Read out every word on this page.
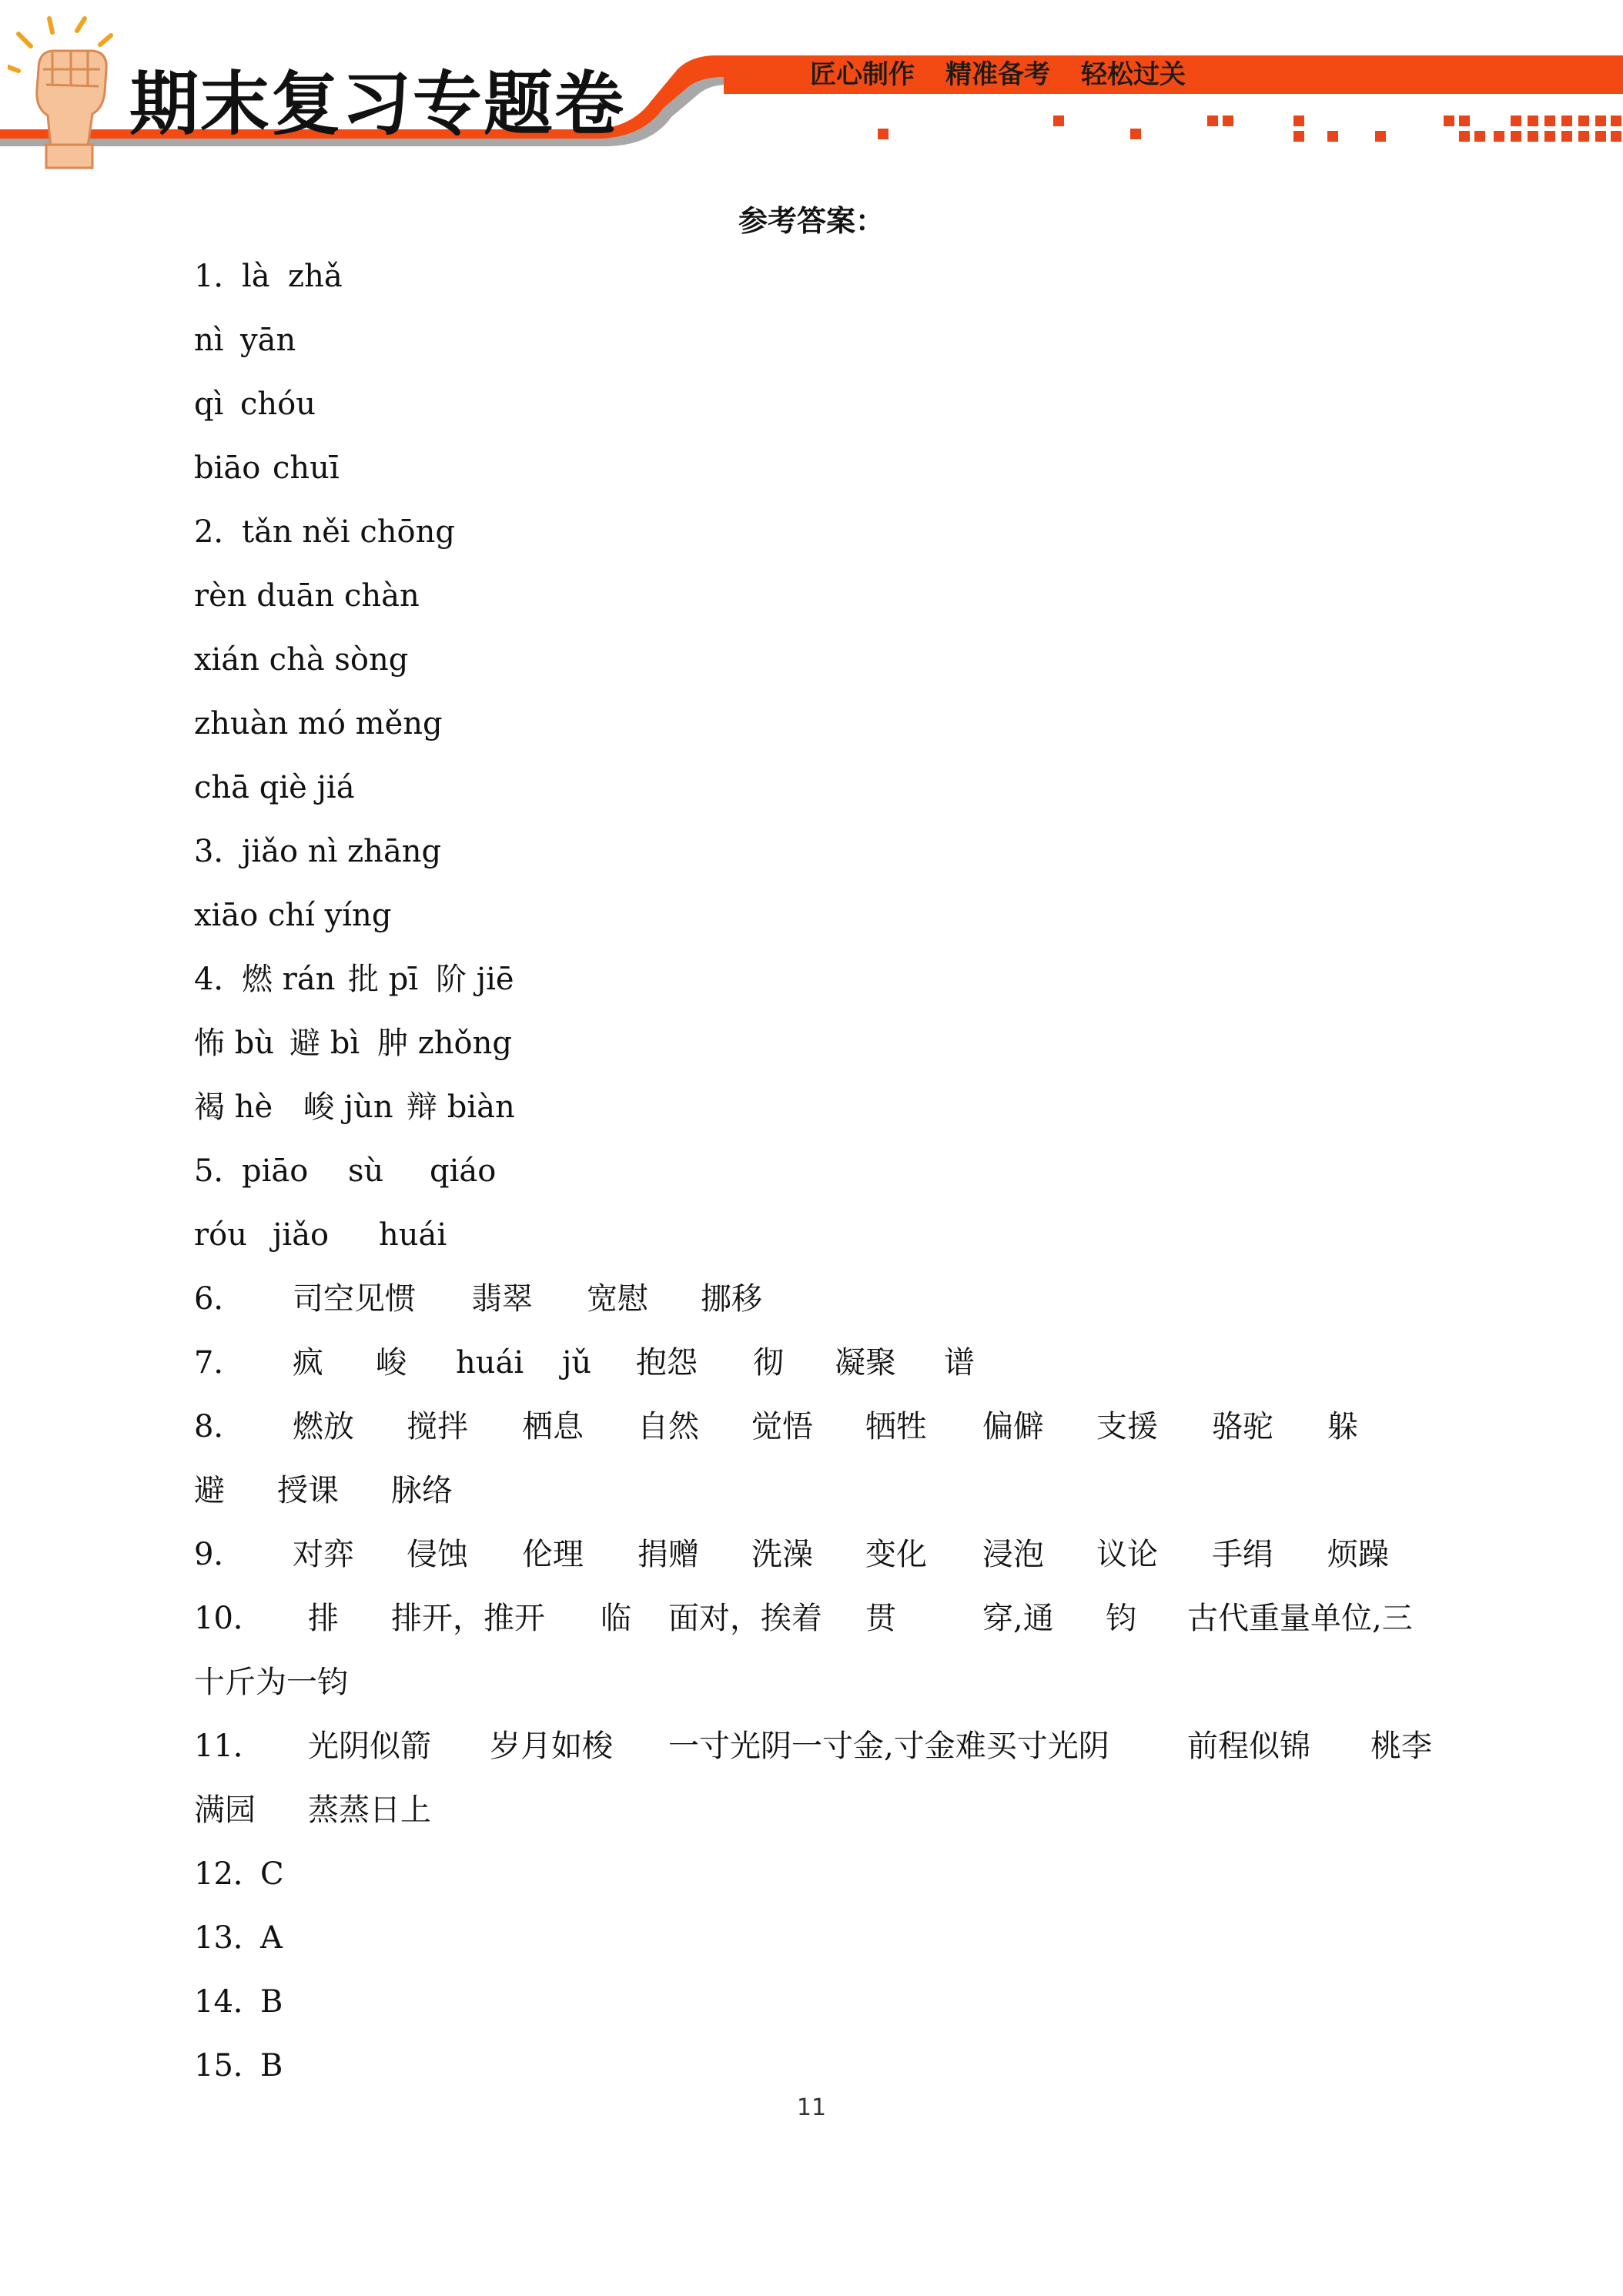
期末复习专题卷	匠心制作 精准备考 轻松过关
参考答案：
1．
là zhǎ
nì yān
qì chóu
biāo chuī
2．
tǎn něi chōng
rèn duān chàn
xián chà sòng
zhuàn mó měng
chā qiè jiá
3．
jiǎo nì zhāng
xiāo chí yíng
4．
燃 rán 批 pī 阶 jiē
怖 bù 避 bì 肿 zhǒng
褐 hè 峻 jùn 辩 biàn
5．
piāo sù qiáo
róu jiǎo huái
6． 司空见惯 翡翠 宽慰 挪移
7． 疯 峻 huái jǔ 抱怨 彻 凝聚 谱
8． 燃放 搅拌 栖息 自然 觉悟 牺牲 偏僻 支援 骆驼 躲
避 授课 脉络
9． 对弈 侵蚀 伦理 捐赠 洗澡 变化 浸泡 议论 手绢 烦躁
10． 排 排开，推开 临 面对，挨着 贯	穿,通 钧 古代重量单位,三
十斤为一钧
11． 光阴似箭 岁月如梭 一寸光阴一寸金,寸金难买寸光阴	前程似锦 桃李
满园 蒸蒸日上
12．
C
13．
A
14．
B
15．
B
11
